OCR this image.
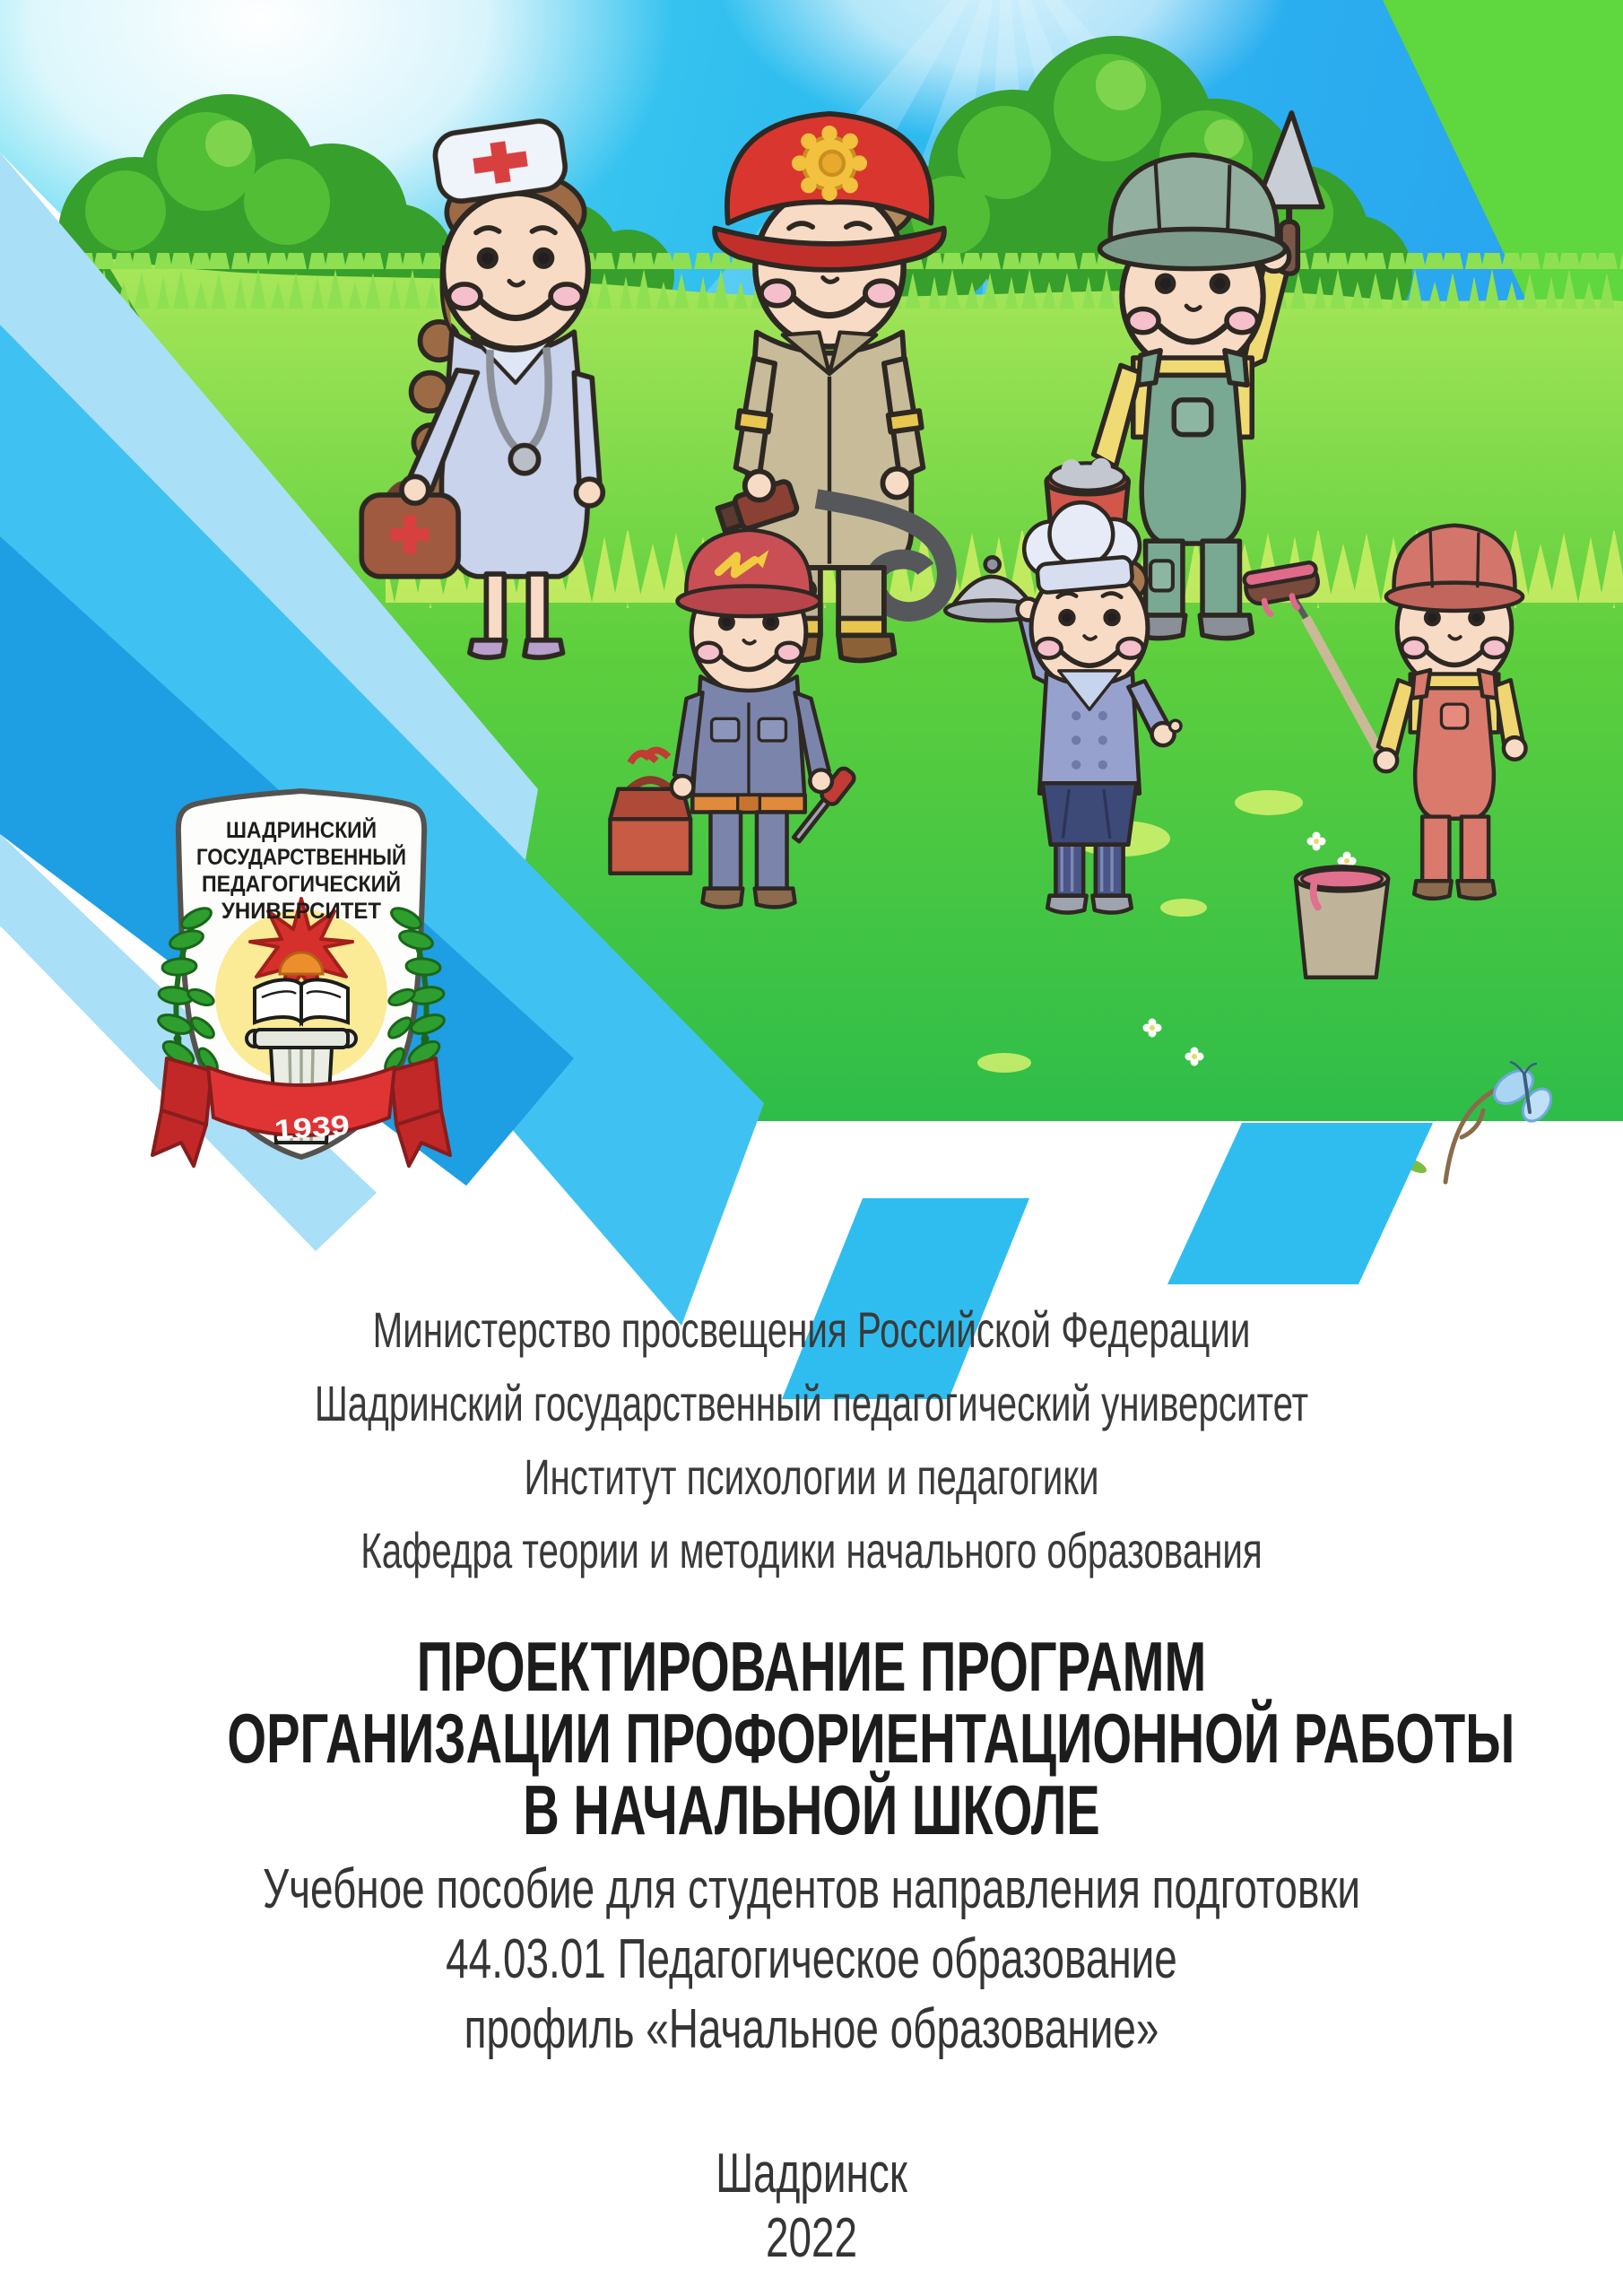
ШАДРИНСКИЙ
ГОСУДАРСТВЕННЫЙ
ПЕДАГОГИЧЕСКИЙ
УНИВЕРСИТЕТ
1939
Министерство просвещения Российской Федерации
Шадринский государственный педагогический университет
Институт психологии и педагогики
Кафедра теории и методики начального образования
ПРОЕКТИРОВАНИЕ ПРОГРАММ
ОРГАНИЗАЦИИ ПРОФОРИЕНТАЦИОННОЙ РАБОТЫ
В НАЧАЛЬНОЙ ШКОЛЕ
Учебное пособие для студентов направления подготовки
44.03.01 Педагогическое образование
профиль «Начальное образование»
Шадринск
2022
